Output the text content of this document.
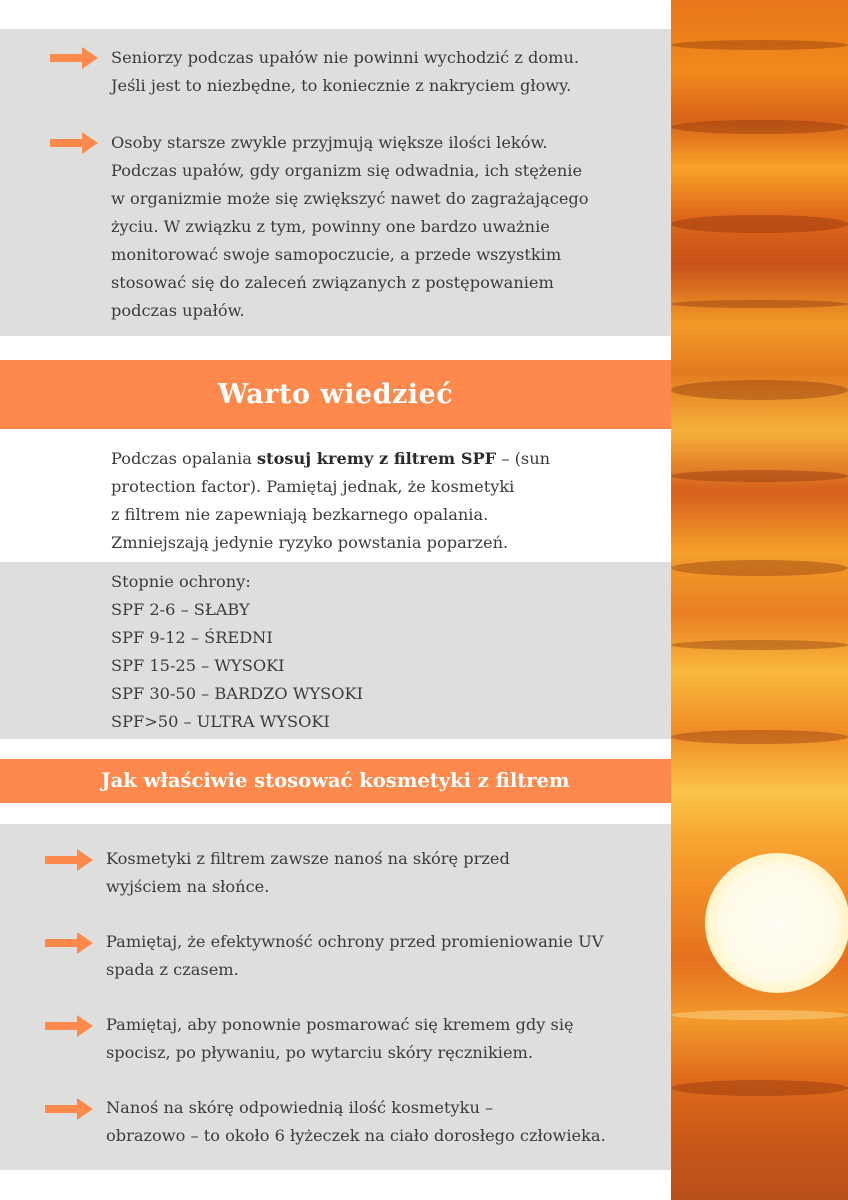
Seniorzy podczas upałów nie powinni wychodzić z domu.
Jeśli jest to niezbędne, to koniecznie z nakryciem głowy.

Osoby starsze zwykle przyjmują większe ilości leków.
Podczas upałów, gdy organizm się odwadnia, ich stężenie
w organizmie może się zwiększyć nawet do zagrażającego
życiu. W związku z tym, powinny one bardzo uważnie
monitorować swoje samopoczucie, a przede wszystkim
stosować się do zaleceń związanych z postępowaniem
podczas upałów.

Warto wiedzieć

Podczas opalania stosuj kremy z filtrem SPF – (sun
protection factor). Pamiętaj jednak, że kosmetyki
z filtrem nie zapewniają bezkarnego opalania.
Zmniejszają jedynie ryzyko powstania poparzeń.

Stopnie ochrony:
SPF 2-6 – SŁABY
SPF 9-12 – ŚREDNI
SPF 15-25 – WYSOKI
SPF 30-50 – BARDZO WYSOKI
SPF>50 – ULTRA WYSOKI

Jak właściwie stosować kosmetyki z filtrem

Kosmetyki z filtrem zawsze nanoś na skórę przed
wyjściem na słońce.

Pamiętaj, że efektywność ochrony przed promieniowanie UV
spada z czasem.

Pamiętaj, aby ponownie posmarować się kremem gdy się
spocisz, po pływaniu, po wytarciu skóry ręcznikiem.

Nanoś na skórę odpowiednią ilość kosmetyku –
obrazowo – to około 6 łyżeczek na ciało dorosłego człowieka.
